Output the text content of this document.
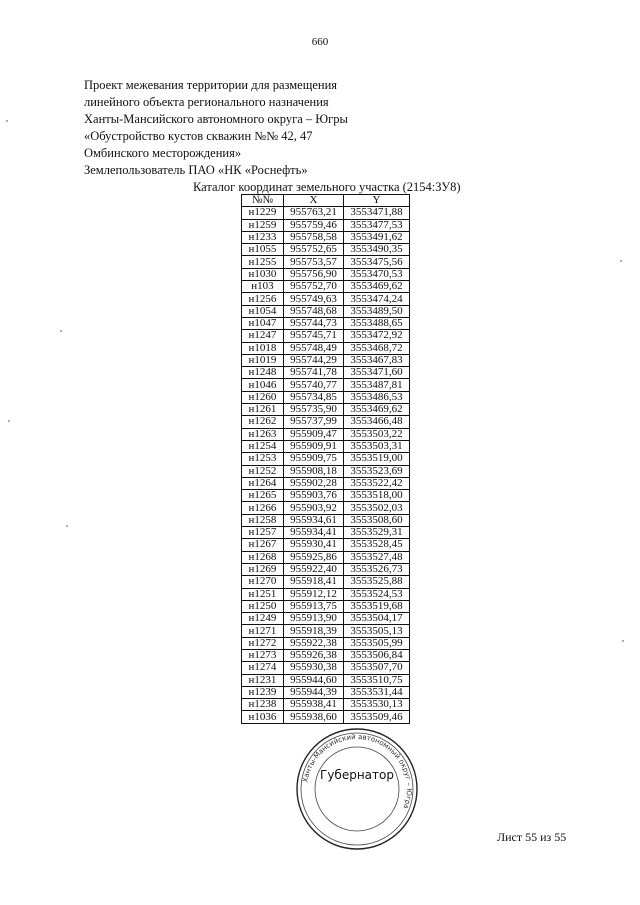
660
Проект межевания территории для размещения
линейного объекта регионального назначения
Ханты-Мансийского автономного округа – Югры
«Обустройство кустов скважин №№ 42, 47
Омбинского месторождения»
Землепользователь ПАО «НК «Роснефть»
Каталог координат земельного участка (2154:ЗУ8)
№№	X	Y
н1229	955763,21	3553471,88
н1259	955759,46	3553477,53
н1233	955758,58	3553491,62
н1055	955752,65	3553490,35
н1255	955753,57	3553475,56
н1030	955756,90	3553470,53
н103	955752,70	3553469,62
н1256	955749,63	3553474,24
н1054	955748,68	3553489,50
н1047	955744,73	3553488,65
н1247	955745,71	3553472,92
н1018	955748,49	3553468,72
н1019	955744,29	3553467,83
н1248	955741,78	3553471,60
н1046	955740,77	3553487,81
н1260	955734,85	3553486,53
н1261	955735,90	3553469,62
н1262	955737,99	3553466,48
н1263	955909,47	3553503,22
н1254	955909,91	3553503,31
н1253	955909,75	3553519,00
н1252	955908,18	3553523,69
н1264	955902,28	3553522,42
н1265	955903,76	3553518,00
н1266	955903,92	3553502,03
н1258	955934,61	3553508,60
н1257	955934,41	3553529,31
н1267	955930,41	3553528,45
н1268	955925,86	3553527,48
н1269	955922,40	3553526,73
н1270	955918,41	3553525,88
н1251	955912,12	3553524,53
н1250	955913,75	3553519,68
н1249	955913,90	3553504,17
н1271	955918,39	3553505,13
н1272	955922,38	3553505,99
н1273	955926,38	3553506,84
н1274	955930,38	3553507,70
н1231	955944,60	3553510,75
н1239	955944,39	3553531,44
н1238	955938,41	3553530,13
н1036	955938,60	3553509,46
Ханты-Мансийский автономный округ – Югра
Губернатор
Лист 55 из 55
